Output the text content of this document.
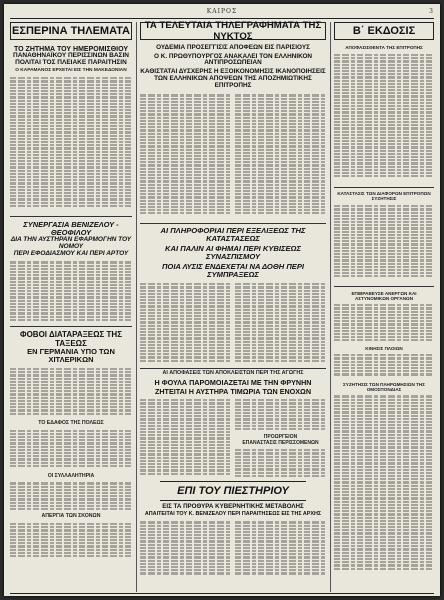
ΚΑΙΡΟΣ	3
ΕΣΠΕΡΙΝΑ ΤΗΛΕΜΑΤΑ
ΤΟ ΖΗΤΗΜΑ ΤΟΥ ΗΜΕΡΟΜΙΣΘΙΟΥ
ΠΑΝΑΘΗΝΑΪΚΟΥ ΠΕΡΙΣΣΙΝΩΝ ΒΑΣΙΝ
ΠΟΛΙΤΑΙ ΤΟΣ ΠΛΕΙΑΚΕ ΠΑΡΑΙΤΗΣΙΝ
Ο ΚΑΡΑΜΑΝΟΣ ΕΡΧΕΤΑΙ ΕΙΣ ΤΗΝ ΜΑΚΕΔΟΝΙΑΝ
ΣΥΝΕΡΓΑΣΙΑ ΒΕΝΙΖΕΛΟΥ - ΘΕΟΦΙΛΟΥ
ΔΙΑ ΤΗΝ ΑΥΣΤΗΡΑΝ ΕΦΑΡΜΟΓΗΝ ΤΟΥ ΝΟΜΟΥ
ΠΕΡΙ ΕΦΟΔΙΑΣΜΟΥ ΚΑΙ ΠΕΡΙ ΑΡΤΟΥ
ΦΟΒΟΙ ΔΙΑΤΑΡΑΞΕΩΣ ΤΗΣ ΤΑΞΕΩΣ
ΕΝ ΓΕΡΜΑΝΙΑ ΥΠΟ ΤΩΝ ΧΙΤΛΕΡΙΚΩΝ
ΤΟ ΕΔΑΦΟΣ ΤΗΣ ΠΟΛΕΩΣ
ΟΙ ΣΥΛΛΑΛΗΤΗΡΙΑ
ΑΠΕΡΓΙΑ ΤΩΝ ΣΚΟΝΩΝ
ΤΑ ΤΕΛΕΥΤΑΙΑ ΤΗΛΕΓΡΑΦΗΜΑΤΑ ΤΗΣ ΝΥΚΤΟΣ
ΟΥΔΕΜΙΑ ΠΡΟΣΕΓΓΙΣΙΣ ΑΠΟΦΕΩΝ ΕΙΣ ΠΑΡΙΣΙΟΥΣ
Ο Κ. ΠΡΩΘΥΠΟΥΡΓΟΣ ΑΝΑΚΑΛΕΙ ΤΟΝ ΕΛΛΗΝΙΚΟΝ ΑΝΤΙΠΡΟΣΩΠΕΙΑΝ
ΚΑΘΙΣΤΑΤΑΙ ΔΥΣΧΕΡΗΣ Η ΕΞΟΙΚΟΝΟΜΗΣΙΣ ΙΚΑΝΟΠΟΙΗΣΕΙΣ
ΤΩΝ ΕΛΛΗΝΙΚΩΝ ΑΠΟΨΕΩΝ ΤΗΣ ΑΠΟΖΗΜΙΩΤΙΚΗΣ ΕΠΙΤΡΟΠΗΣ
ΑΙ ΠΛΗΡΟΦΟΡΙΑΙ ΠΕΡΙ ΕΞΕΛΙΞΕΩΣ ΤΗΣ ΚΑΤΑΣΤΑΣΕΩΣ
ΚΑΙ ΠΑΛΙΝ ΑΙ ΦΗΜΑΙ ΠΕΡΙ ΚΥΒΙΣΕΩΣ ΣΥΝΑΣΠΙΣΜΟΥ
ΠΟΙΑ ΛΥΣΙΣ ΕΝΔΕΧΕΤΑΙ ΝΑ ΔΟΘΗ ΠΕΡΙ ΣΥΜΠΡΑΞΕΩΣ
ΑΙ ΑΠΟΦΑΣΕΙΣ ΤΩΝ ΑΠΟΚΛΕΙΣΤΩΝ ΠΕΡΙ ΤΗΣ ΑΓΩΓΗΣ
Η ΦΟΥΛΑ ΠΑΡΟΜΟΙΑΖΕΤΑΙ ΜΕ ΤΗΝ ΦΡΥΝΗΝ
ΖΗΤΕΙΤΑΙ Η ΑΥΣΤΗΡΑ ΤΙΜΩΡΙΑ ΤΩΝ ΕΝΟΧΩΝ
ΠΡΟΩΡΓΕΙΟΝ
ΕΠΑΝΑΣΤΑΣΙΣ ΠΕΡΙΣΣΟΜΕΝΩΝ
ΕΠΙ ΤΟΥ ΠΙΕΣΤΗΡΙΟΥ
ΕΙΣ ΤΑ ΠΡΟΘΥΡΑ ΚΥΒΕΡΝΗΤΙΚΗΣ ΜΕΤΑΒΟΛΗΣ
ΑΠΑΙΤΕΙΤΑΙ ΤΟΥ Κ. ΒΕΝΙΖΕΛΟΥ ΠΕΡΙ ΠΑΡΑΙΤΗΣΕΩΣ ΕΙΣ ΤΗΣ ΑΡΧΗΣ
Β΄ ΕΚΔΟΣΙΣ
ΑΠΟΦΑΣΙΣΘΕΝΤΑ ΤΗΣ ΕΠΙΤΡΟΠΗΣ
ΚΑΤΑΣΤΑΣΙΣ ΤΩΝ ΔΙΑΦΟΡΩΝ ΕΠΙΤΡΟΠΩΝ ΣΥΖΗΤΗΣΙΣ
ΕΠΙΒΡΑΒΕΥΣΕ ΑΝΕΡΓΩΝ ΚΑΙ ΑΣΤΥΝΟΜΙΚΩΝ ΟΡΓΑΝΩΝ
ΚΙΝΗΣΙΣ ΠΛΟΙΩΝ
ΣΥΖΗΤΗΣΙΣ ΤΩΝ ΠΛΗΡΩΜΗΣΙΩΝ ΤΗΣ ΟΜΟΣΠΟΝΔΙΑΣ
